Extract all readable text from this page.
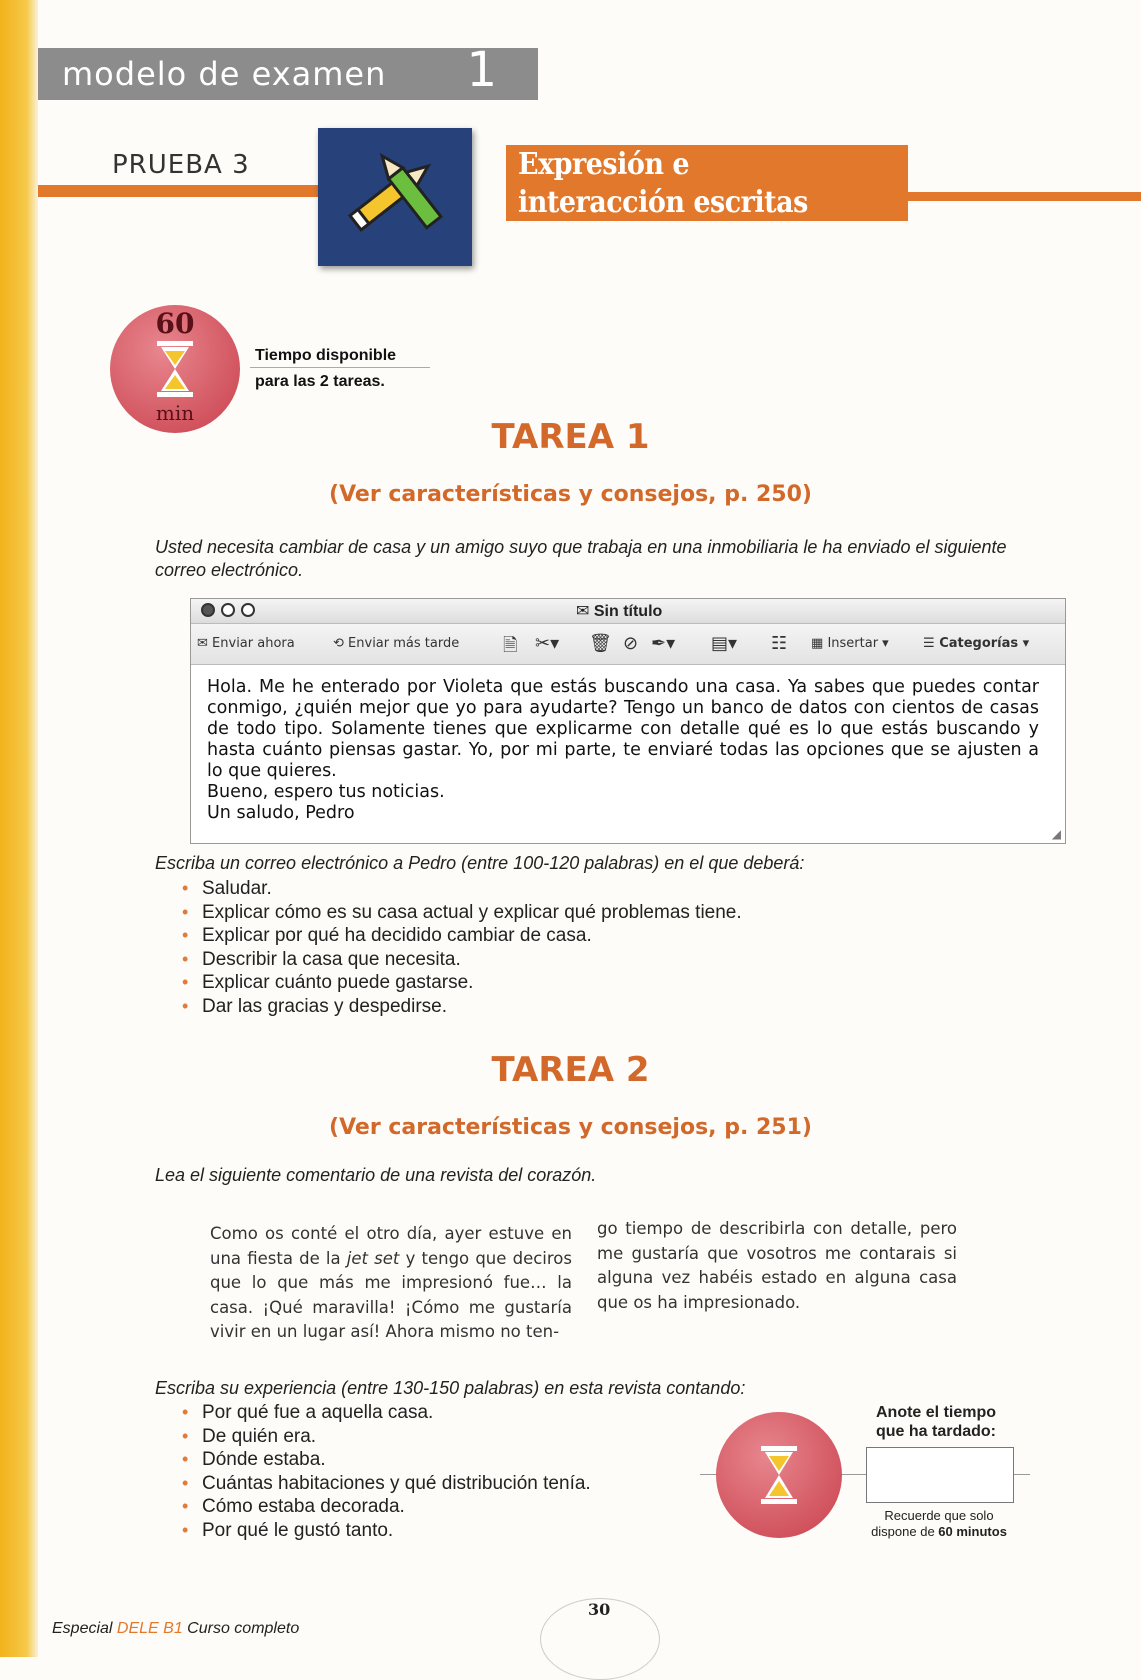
modelo de examen 1
PRUEBA 3	Expresión e
interacción escritas
60
min
Tiempo disponible
para las 2 tareas.
TAREA 1
(Ver características y consejos, p. 250)
Usted necesita cambiar de casa y un amigo suyo que trabaja en una inmobiliaria le ha enviado el siguiente correo electrónico.
✉ Sin título
✉ Enviar ahora	⟲ Enviar más tarde 🗎 ✂▾ 🗑 ⊘ ✒▾ ▤▾ ☷ ▦ Insertar ▾	☰ Categorías ▾

Hola. Me he enterado por Violeta que estás buscando una casa. Ya sabes que puedes contar conmigo, ¿quién mejor que yo para ayudarte? Tengo un banco de datos con cientos de casas de todo tipo. Solamente tienes que explicarme con detalle qué es lo que estás buscando y hasta cuánto piensas gastar. Yo, por mi parte, te enviaré todas las opciones que se ajusten a lo que quieres.

Bueno, espero tus noticias.

Un saludo, Pedro

◢
Escriba un correo electrónico a Pedro (entre 100-120 palabras) en el que deberá:
• Saludar.
• Explicar cómo es su casa actual y explicar qué problemas tiene.
• Explicar por qué ha decidido cambiar de casa.
• Describir la casa que necesita.
• Explicar cuánto puede gastarse.
• Dar las gracias y despedirse.
TAREA 2
(Ver características y consejos, p. 251)
Lea el siguiente comentario de una revista del corazón.
Como os conté el otro día, ayer estuve en una fiesta de la jet set y tengo que deciros que lo que más me impresionó fue… la casa. ¡Qué maravilla! ¡Cómo me gustaría vivir en un lugar así! Ahora mismo no ten-
go tiempo de describirla con detalle, pero me gustaría que vosotros me contarais si alguna vez habéis estado en alguna casa que os ha impresionado.
Escriba su experiencia (entre 130-150 palabras) en esta revista contando:
• Por qué fue a aquella casa.
• De quién era.
• Dónde estaba.
• Cuántas habitaciones y qué distribución tenía.
• Cómo estaba decorada.
• Por qué le gustó tanto.
Anote el tiempo
que ha tardado:
Recuerde que solo
dispone de 60 minutos
30
Especial DELE B1 Curso completo
